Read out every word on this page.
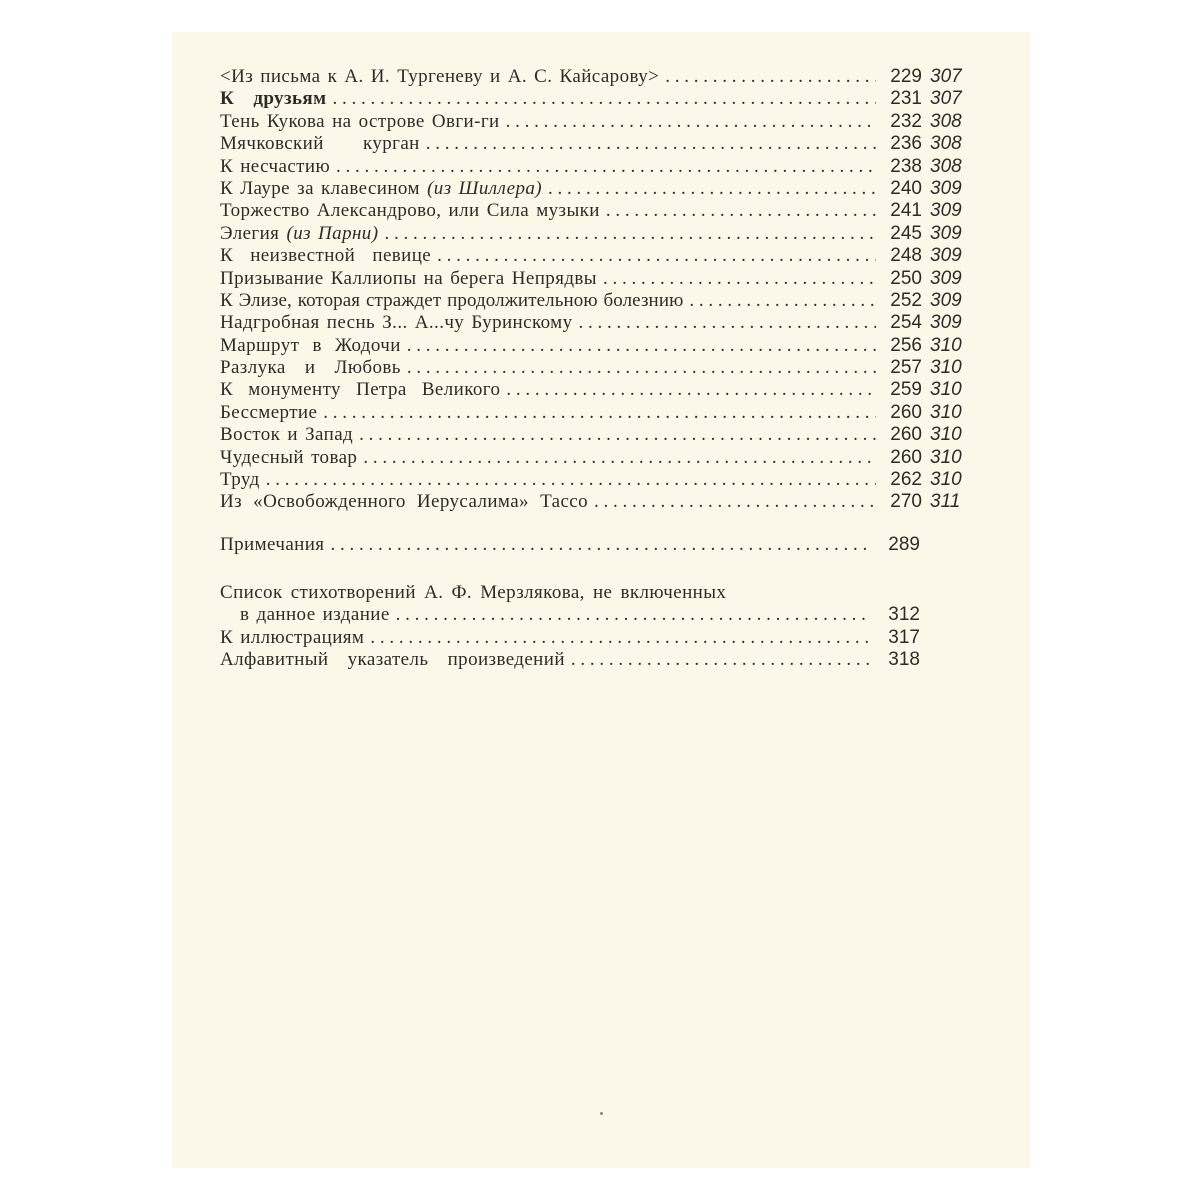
<Из письма к А. И. Тургеневу и А. С. Кайсарову> . . .	229 307
К друзьям . . .	231 307
Тень Кукова на острове Овги-ги . . .	232 308
Мячковский курган . . .	236 308
К несчастию . . .	238 308
К Лауре за клавесином (из Шиллера) . . .	240 309
Торжество Александрово, или Сила музыки . . .	241 309
Элегия (из Парни) . . .	245 309
К неизвестной певице . . .	248 309
Призывание Каллиопы на берега Непрядвы . . .	250 309
К Элизе, которая страждет продолжительною болезнию . . .	252 309
Надгробная песнь З... А...чу Буринскому . . .	254 309
Маршрут в Жодочи . . .	256 310
Разлука и Любовь . . .	257 310
К монументу Петра Великого . . .	259 310
Бессмертие . . .	260 310
Восток и Запад . . .	260 310
Чудесный товар . . .	260 310
Труд . . .	262 310
Из «Освобожденного Иерусалима» Тассо . . .	270 311
Примечания . . .	289
Список стихотворений А. Ф. Мерзлякова, не включенных
в данное издание . . .	312
К иллюстрациям . . .	317
Алфавитный указатель произведений . . .	318
